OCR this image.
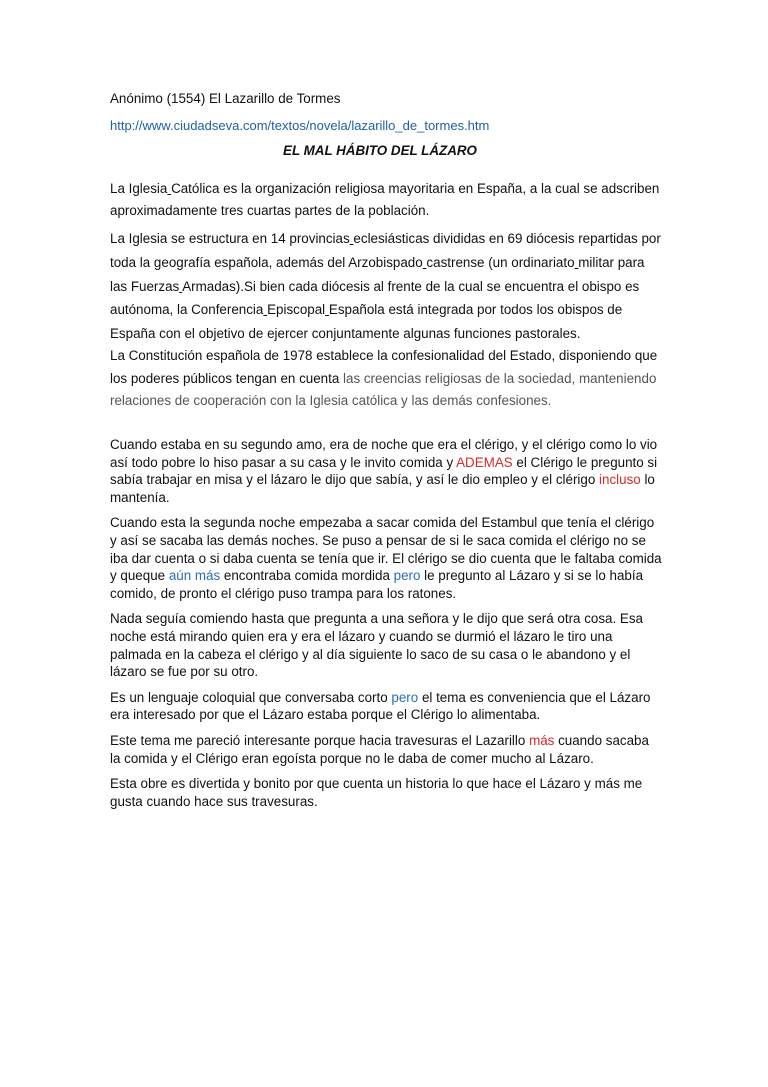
Anónimo (1554) El Lazarillo de Tormes
http://www.ciudadseva.com/textos/novela/lazarillo_de_tormes.htm
EL MAL HÁBITO DEL LÁZARO
La Iglesia Católica es la organización religiosa mayoritaria en España, a la cual se adscriben aproximadamente tres cuartas partes de la población.
La Iglesia se estructura en 14 provincias eclesiásticas divididas en 69 diócesis repartidas por toda la geografía española, además del Arzobispado castrense (un ordinariato militar para las Fuerzas Armadas).Si bien cada diócesis al frente de la cual se encuentra el obispo es autónoma, la Conferencia Episcopal Española está integrada por todos los obispos de España con el objetivo de ejercer conjuntamente algunas funciones pastorales.
La Constitución española de 1978 establece la confesionalidad del Estado, disponiendo que los poderes públicos tengan en cuenta las creencias religiosas de la sociedad, manteniendo relaciones de cooperación con la Iglesia católica y las demás confesiones.

Cuando estaba en su segundo amo, era de noche que era el clérigo, y el clérigo como lo vio así todo pobre lo hiso pasar a su casa y le invito comida y ADEMAS el Clérigo le pregunto si sabía trabajar en misa y el lázaro le dijo que sabía, y así le dio empleo y el clérigo incluso lo mantenía.

Cuando esta la segunda noche empezaba a sacar comida del Estambul que tenía el clérigo y así se sacaba las demás noches. Se puso a pensar de si le saca comida el clérigo no se iba dar cuenta o si daba cuenta se tenía que ir. El clérigo se dio cuenta que le faltaba comida y queque aún más encontraba comida mordida pero le pregunto al Lázaro y si se lo había comido, de pronto el clérigo puso trampa para los ratones.

Nada seguía comiendo hasta que pregunta a una señora y le dijo que será otra cosa. Esa noche está mirando quien era y era el lázaro y cuando se durmió el lázaro le tiro una palmada en la cabeza el clérigo y al día siguiente lo saco de su casa o le abandono y el lázaro se fue por su otro.

Es un lenguaje coloquial que conversaba corto pero el tema es conveniencia que el Lázaro era interesado por que el Lázaro estaba porque el Clérigo lo alimentaba.

Este tema me pareció interesante porque hacia travesuras el Lazarillo más cuando sacaba la comida y el Clérigo eran egoísta porque no le daba de comer mucho al Lázaro.

Esta obre es divertida y bonito por que cuenta un historia lo que hace el Lázaro y más me gusta cuando hace sus travesuras.
